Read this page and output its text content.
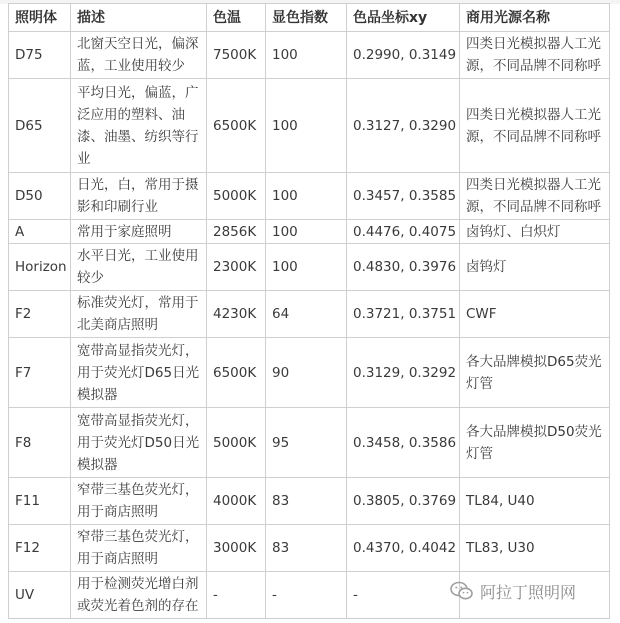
照明体	描述	色温	显色指数	色品坐标xy	商用光源名称
D75	北窗天空日光，偏深蓝，工业使用较少	7500K	100	0.2990, 0.3149	四类日光模拟器人工光源，不同品牌不同称呼
D65	平均日光，偏蓝，广泛应用的塑料、油漆、油墨、纺织等行业	6500K	100	0.3127, 0.3290	四类日光模拟器人工光源，不同品牌不同称呼
D50	日光，白，常用于摄影和印刷行业	5000K	100	0.3457, 0.3585	四类日光模拟器人工光源，不同品牌不同称呼
A	常用于家庭照明	2856K	100	0.4476, 0.4075	卤钨灯、白炽灯
Horizon	水平日光，工业使用较少	2300K	100	0.4830, 0.3976	卤钨灯
F2	标准荧光灯，常用于北美商店照明	4230K	64	0.3721, 0.3751	CWF
F7	宽带高显指荧光灯，用于荧光灯D65日光模拟器	6500K	90	0.3129, 0.3292	各大品牌模拟D65荧光灯管
F8	宽带高显指荧光灯，用于荧光灯D50日光模拟器	5000K	95	0.3458, 0.3586	各大品牌模拟D50荧光灯管
F11	窄带三基色荧光灯，用于商店照明	4000K	83	0.3805, 0.3769	TL84, U40
F12	窄带三基色荧光灯，用于商店照明	3000K	83	0.4370, 0.4042	TL83, U30
UV	用于检测荧光增白剂或荧光着色剂的存在	-	-	-		阿拉丁照明网
